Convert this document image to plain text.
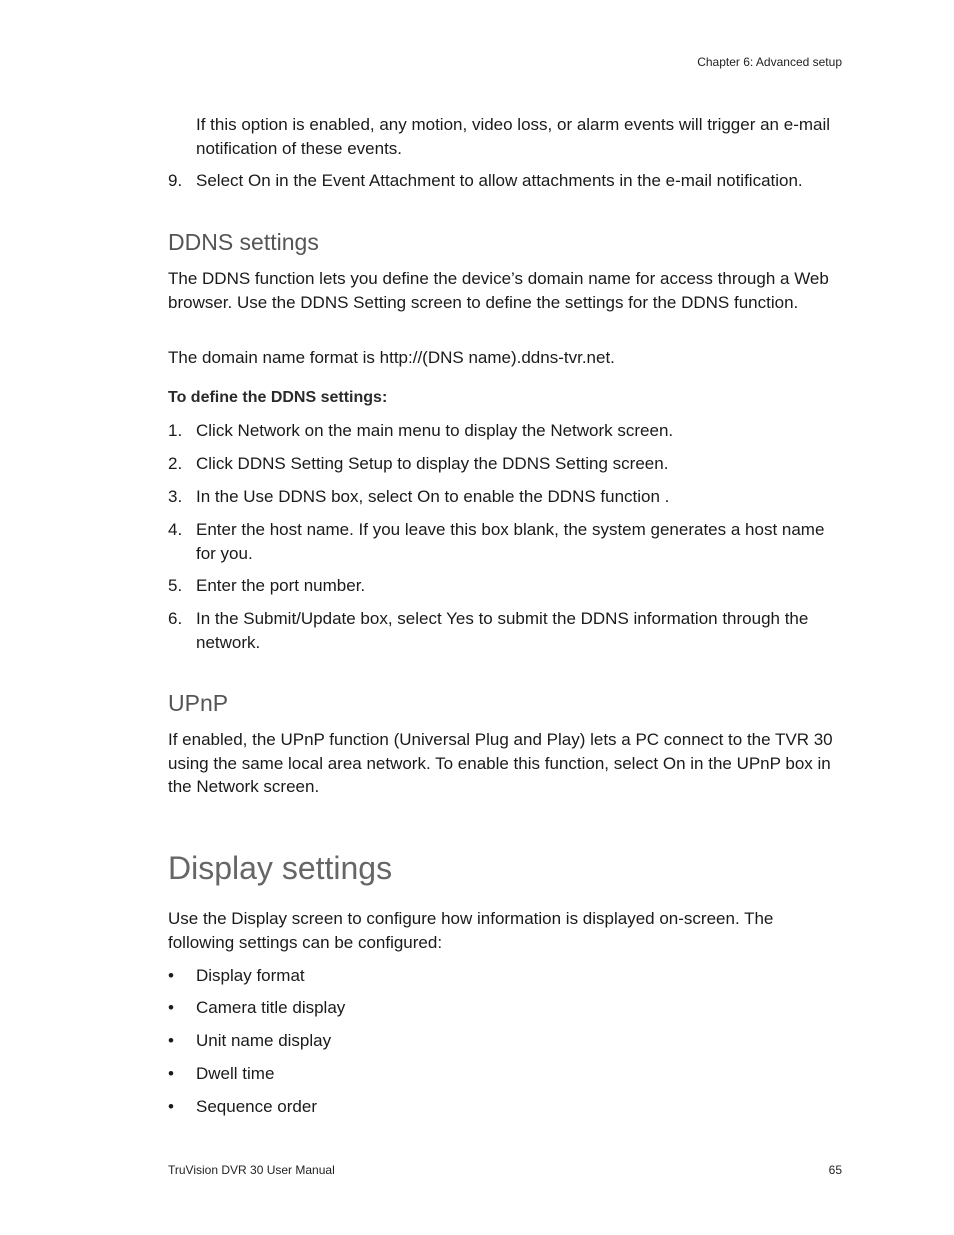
Chapter 6: Advanced setup

If this option is enabled, any motion, video loss, or alarm events will trigger an e-mail notification of these events.

9. Select On in the Event Attachment to allow attachments in the e-mail notification.
DDNS settings

The DDNS function lets you define the device’s domain name for access through a Web browser. Use the DDNS Setting screen to define the settings for the DDNS function.

The domain name format is http://(DNS name).ddns-tvr.net.

To define the DDNS settings:
1. Click Network on the main menu to display the Network screen.
2. Click DDNS Setting Setup to display the DDNS Setting screen.
3. In the Use DDNS box, select On to enable the DDNS function .
4. Enter the host name. If you leave this box blank, the system generates a host name for you.
5. Enter the port number.
6. In the Submit/Update box, select Yes to submit the DDNS information through the network.
UPnP

If enabled, the UPnP function (Universal Plug and Play) lets a PC connect to the TVR 30 using the same local area network. To enable this function, select On in the UPnP box in the Network screen.

Display settings

Use the Display screen to configure how information is displayed on-screen. The following settings can be configured:

• Display format
• Camera title display
• Unit name display
• Dwell time
• Sequence order
TruVision DVR 30 User Manual	65
